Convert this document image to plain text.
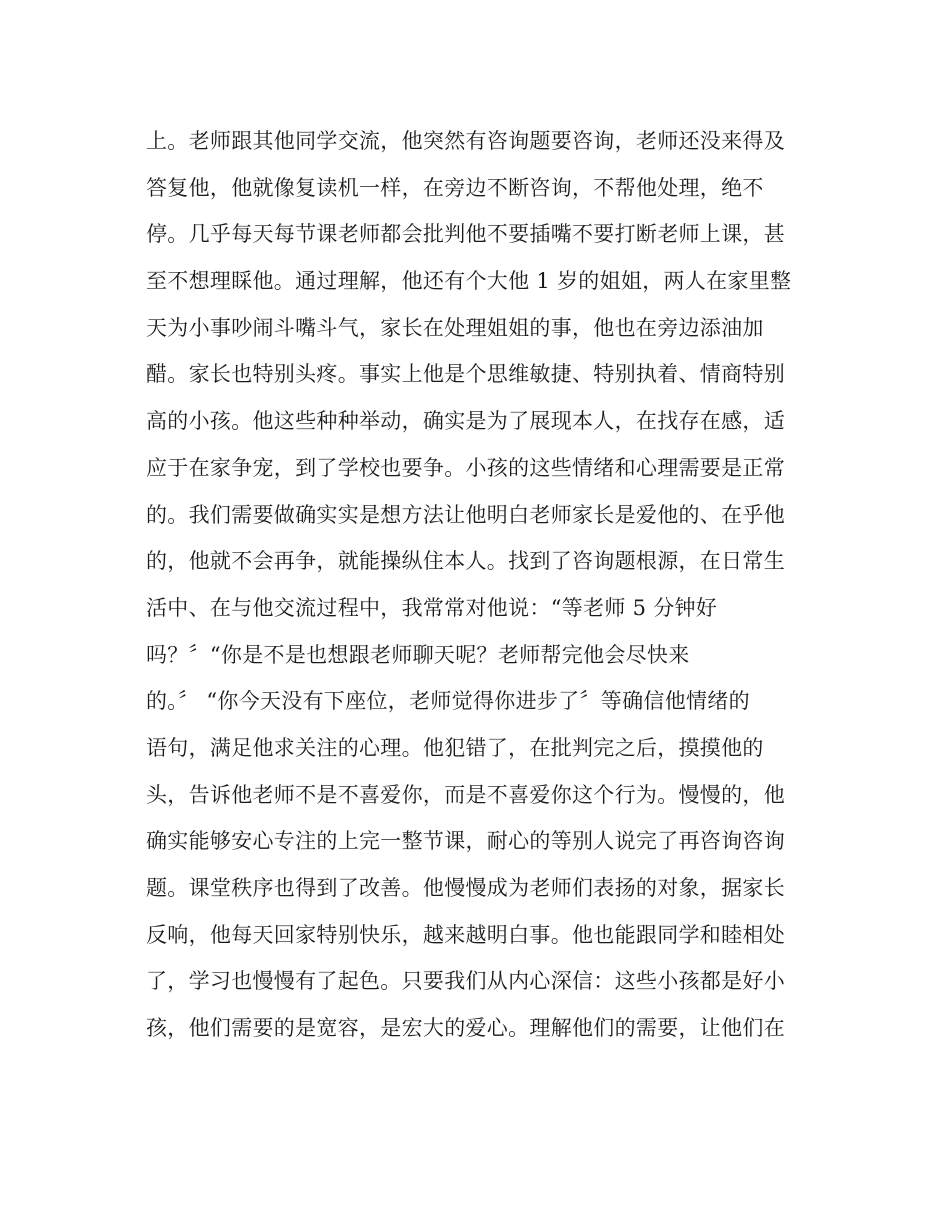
上。老师跟其他同学交流，他突然有咨询题要咨询，老师还没来得及
答复他，他就像复读机一样，在旁边不断咨询，不帮他处理，绝不
停。几乎每天每节课老师都会批判他不要插嘴不要打断老师上课，甚
至不想理睬他。通过理解，他还有个大他 1 岁的姐姐，两人在家里整
天为小事吵闹斗嘴斗气，家长在处理姐姐的事，他也在旁边添油加
醋。家长也特别头疼。事实上他是个思维敏捷、特别执着、情商特别
高的小孩。他这些种种举动，确实是为了展现本人，在找存在感，适
应于在家争宠，到了学校也要争。小孩的这些情绪和心理需要是正常
的。我们需要做确实实是想方法让他明白老师家长是爱他的、在乎他
的，他就不会再争，就能操纵住本人。找到了咨询题根源，在日常生
活中、在与他交流过程中，我常常对他说：“等老师 5 分钟好
吗？〞“你是不是也想跟老师聊天呢？老师帮完他会尽快来
的。〞 “你今天没有下座位，老师觉得你进步了〞等确信他情绪的
语句，满足他求关注的心理。他犯错了，在批判完之后，摸摸他的
头，告诉他老师不是不喜爱你，而是不喜爱你这个行为。慢慢的，他
确实能够安心专注的上完一整节课，耐心的等别人说完了再咨询咨询
题。课堂秩序也得到了改善。他慢慢成为老师们表扬的对象，据家长
反响，他每天回家特别快乐，越来越明白事。他也能跟同学和睦相处
了，学习也慢慢有了起色。只要我们从内心深信：这些小孩都是好小
孩，他们需要的是宽容，是宏大的爱心。理解他们的需要，让他们在
